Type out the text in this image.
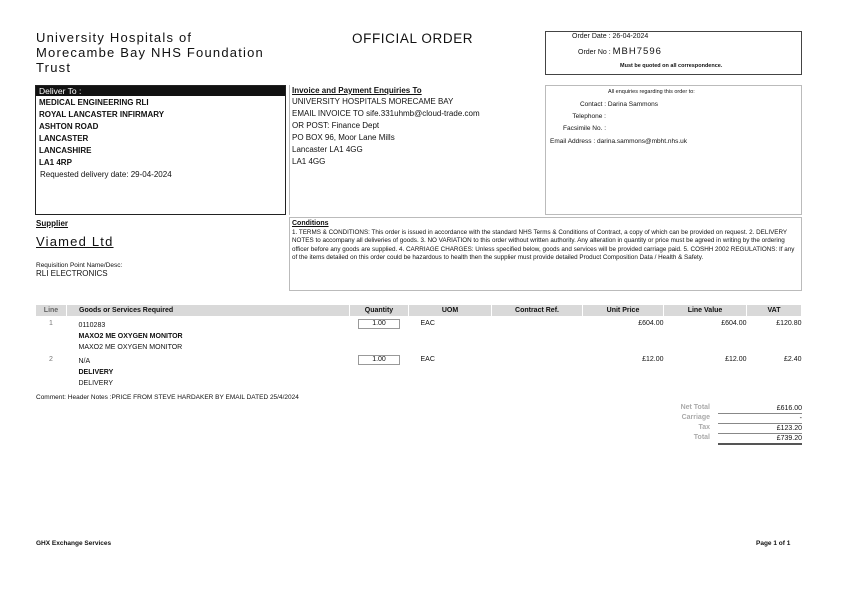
University Hospitals of
Morecambe Bay NHS Foundation
Trust
OFFICIAL ORDER	Order Date : 26-04-2024
Order No : MBH7596
Must be quoted on all correspondence.
Deliver To :
MEDICAL ENGINEERING RLI
ROYAL LANCASTER INFIRMARY
ASHTON ROAD
LANCASTER
LANCASHIRE
LA1 4RP
Requested delivery date: 29-04-2024
Invoice and Payment Enquiries To
UNIVERSITY HOSPITALS MORECAME BAY
EMAIL INVOICE TO sife.331uhmb@cloud-trade.com
OR POST: Finance Dept
PO BOX 96, Moor Lane Mills
Lancaster LA1 4GG
LA1 4GG
All enquiries regarding this order to:
Contact : Darina Sammons
Telephone :
Facsimile No. :
Email Address : darina.sammons@mbht.nhs.uk
Supplier
Viamed Ltd
Requisition Point Name/Desc:
RLI ELECTRONICS
Conditions
1. TERMS & CONDITIONS: This order is issued in accordance with the standard NHS Terms & Conditions of Contract, a copy of which can be provided on request. 2. DELIVERY NOTES to accompany all deliveries of goods. 3. NO VARIATION to this order without written authority. Any alteration in quantity or price must be agreed in writing by the ordering officer before any goods are supplied. 4. CARRIAGE CHARGES: Unless specified below, goods and services will be provided carriage paid. 5. COSHH 2002 REGULATIONS: If any of the items detailed on this order could be hazardous to health then the supplier must provide detailed Product Composition Data / Health & Safety.
Line	Goods or Services Required	Quantity	UOM	Contract Ref.	Unit Price	Line Value	VAT
1	0110283
MAXO2 ME OXYGEN MONITOR
MAXO2 ME OXYGEN MONITOR	1.00	EAC		£604.00	£604.00	£120.80
2	N/A
DELIVERY
DELIVERY	1.00	EAC		£12.00	£12.00	£2.40
Comment: Header Notes :PRICE FROM STEVE HARDAKER BY EMAIL DATED 25/4/2024
Net Total	£616.00
Carriage	-
Tax	£123.20
Total	£739.20
GHX Exchange Services	Page 1 of 1
